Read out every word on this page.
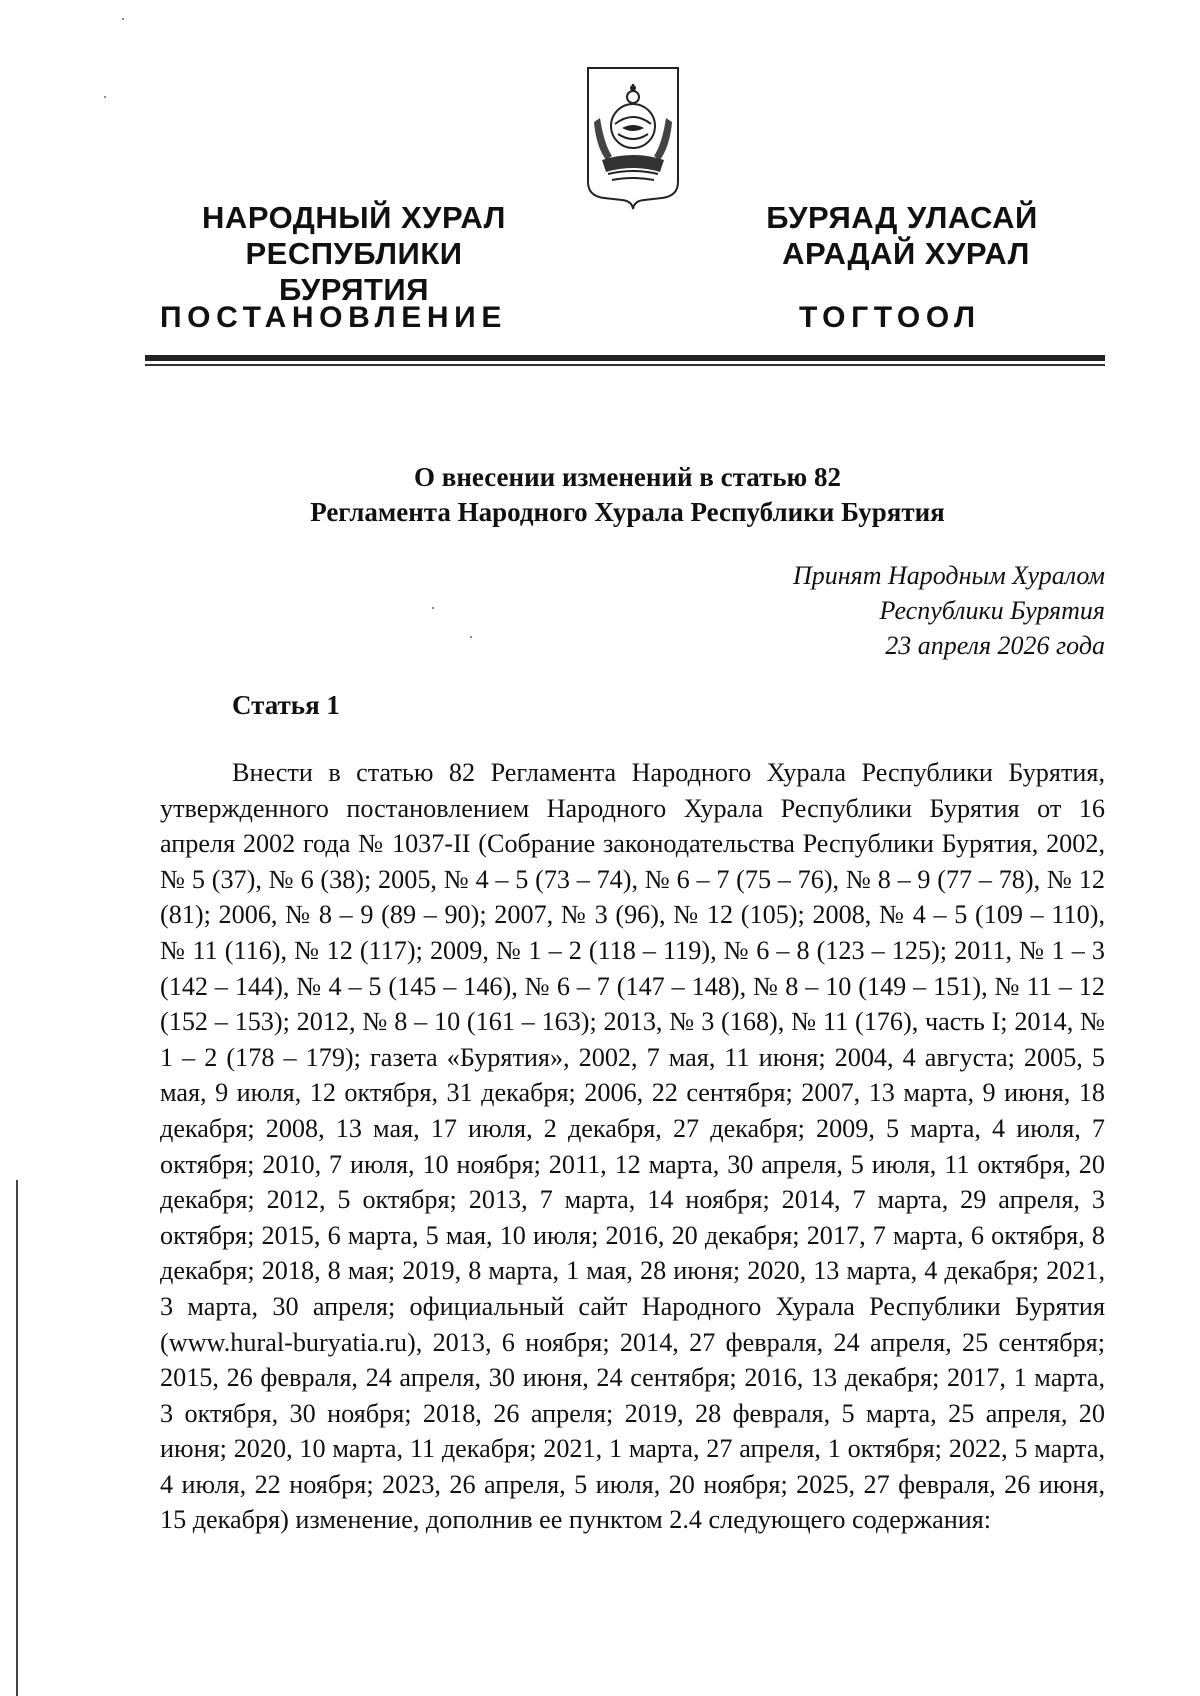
НАРОДНЫЙ ХУРАЛ
РЕСПУБЛИКИ БУРЯТИЯ
БУРЯАД УЛАСАЙ
АРАДАЙ ХУРАЛ
ПОСТАНОВЛЕНИЕ	ТОГТООЛ
О внесении изменений в статью 82
Регламента Народного Хурала Республики Бурятия
Принят Народным Хуралом
Республики Бурятия
23 апреля 2026 года
Статья 1

Внести в статью 82 Регламента Народного Хурала Республики Бурятия, утвержденного постановлением Народного Хурала Республики Бурятия от 16 апреля 2002 года № 1037-II (Собрание законодательства Республики Бурятия, 2002, № 5 (37), № 6 (38); 2005, № 4 – 5 (73 – 74), № 6 – 7 (75 – 76), № 8 – 9 (77 – 78), № 12 (81); 2006, № 8 – 9 (89 – 90); 2007, № 3 (96), № 12 (105); 2008, № 4 – 5 (109 – 110), № 11 (116), № 12 (117); 2009, № 1 – 2 (118 – 119), № 6 – 8 (123 – 125); 2011, № 1 – 3 (142 – 144), № 4 – 5 (145 – 146), № 6 – 7 (147 – 148), № 8 – 10 (149 – 151), № 11 – 12 (152 – 153); 2012, № 8 – 10 (161 – 163); 2013, № 3 (168), № 11 (176), часть I; 2014, № 1 – 2 (178 – 179); газета «Бурятия», 2002, 7 мая, 11 июня; 2004, 4 августа; 2005, 5 мая, 9 июля, 12 октября, 31 декабря; 2006, 22 сентября; 2007, 13 марта, 9 июня, 18 декабря; 2008, 13 мая, 17 июля, 2 декабря, 27 декабря; 2009, 5 марта, 4 июля, 7 октября; 2010, 7 июля, 10 ноября; 2011, 12 марта, 30 апреля, 5 июля, 11 октября, 20 декабря; 2012, 5 октября; 2013, 7 марта, 14 ноября; 2014, 7 марта, 29 апреля, 3 октября; 2015, 6 марта, 5 мая, 10 июля; 2016, 20 декабря; 2017, 7 марта, 6 октября, 8 декабря; 2018, 8 мая; 2019, 8 марта, 1 мая, 28 июня; 2020, 13 марта, 4 декабря; 2021, 3 марта, 30 апреля; официальный сайт Народного Хурала Республики Бурятия (www.hural-buryatia.ru), 2013, 6 ноября; 2014, 27 февраля, 24 апреля, 25 сентября; 2015, 26 февраля, 24 апреля, 30 июня, 24 сентября; 2016, 13 декабря; 2017, 1 марта, 3 октября, 30 ноября; 2018, 26 апреля; 2019, 28 февраля, 5 марта, 25 апреля, 20 июня; 2020, 10 марта, 11 декабря; 2021, 1 марта, 27 апреля, 1 октября; 2022, 5 марта, 4 июля, 22 ноября; 2023, 26 апреля, 5 июля, 20 ноября; 2025, 27 февраля, 26 июня, 15 декабря) изменение, дополнив ее пунктом 2.4 следующего содержания:
